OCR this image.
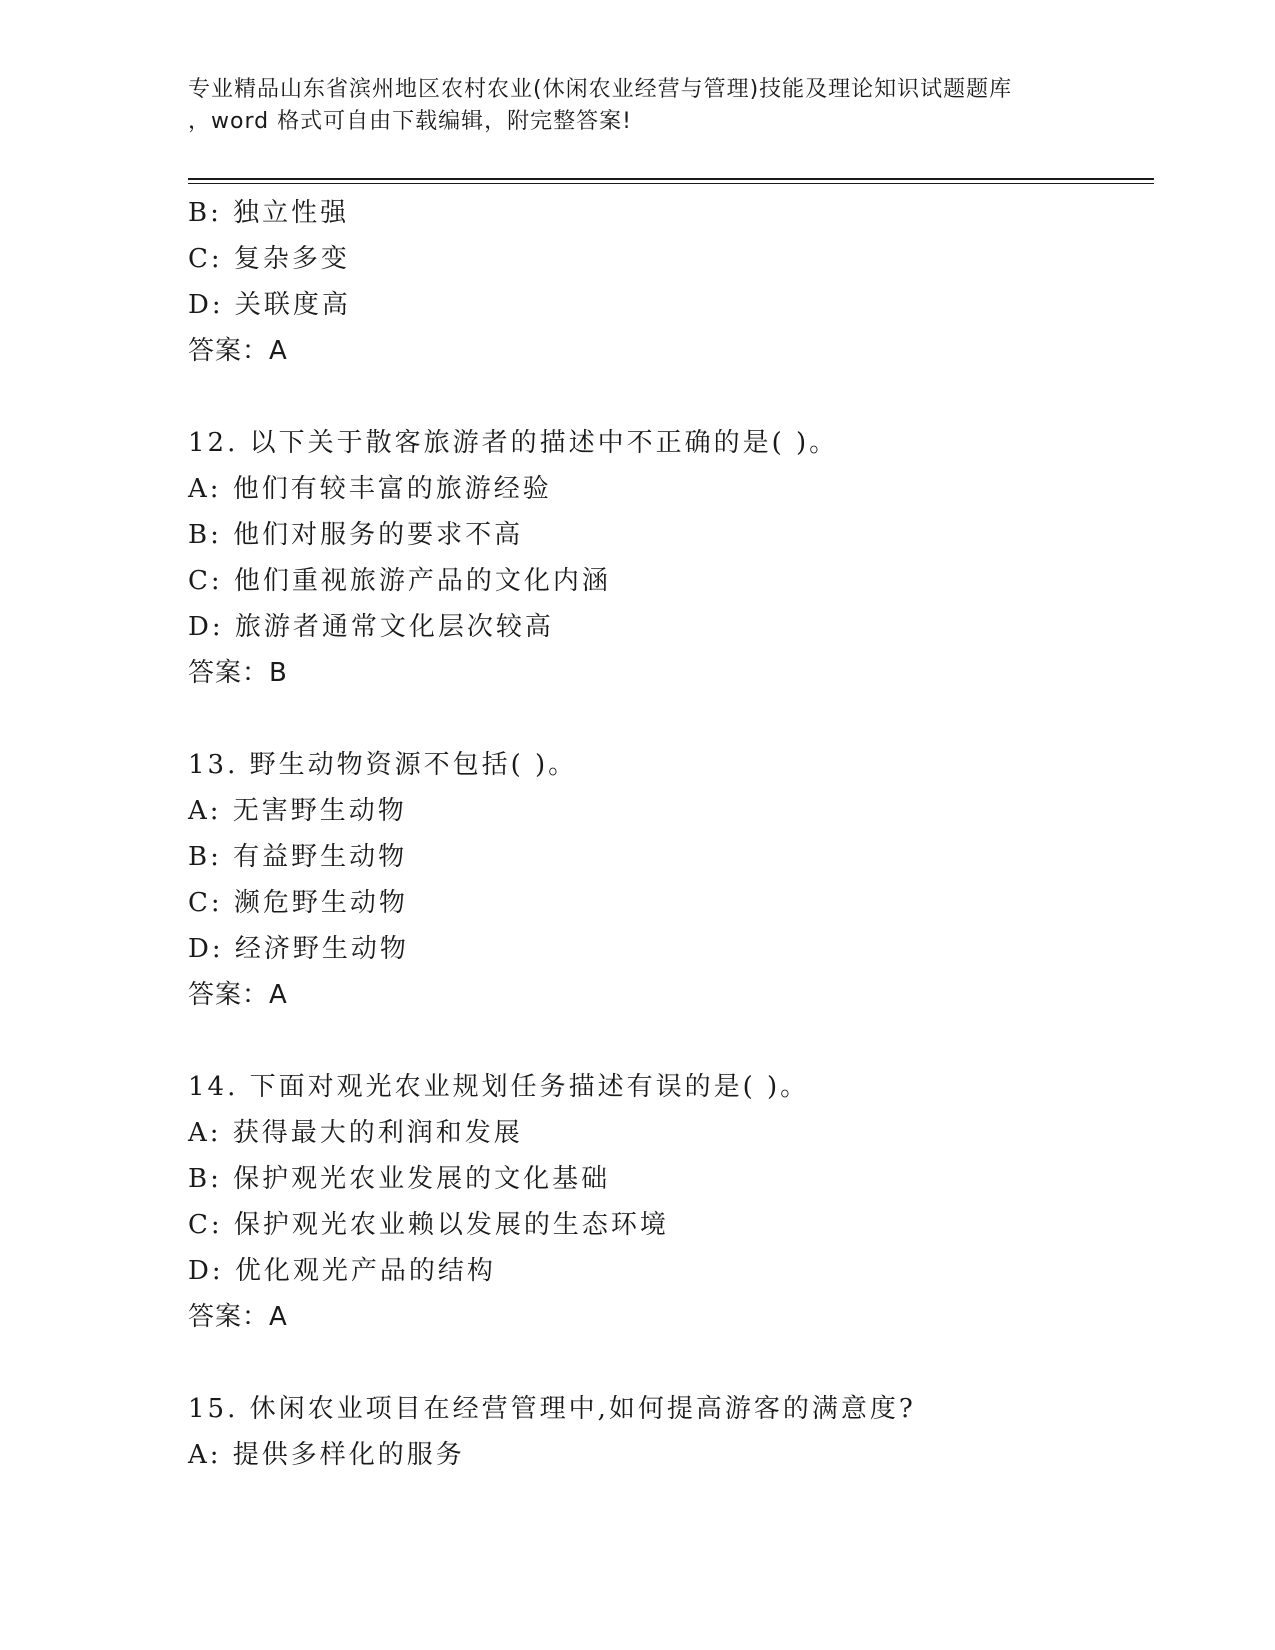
专业精品山东省滨州地区农村农业(休闲农业经营与管理)技能及理论知识试题题库
，word 格式可自由下载编辑，附完整答案!
B: 独立性强
C: 复杂多变
D: 关联度高
答案：A
12. 以下关于散客旅游者的描述中不正确的是( )。
A: 他们有较丰富的旅游经验
B: 他们对服务的要求不高
C: 他们重视旅游产品的文化内涵
D: 旅游者通常文化层次较高
答案：B
13. 野生动物资源不包括( )。
A: 无害野生动物
B: 有益野生动物
C: 濒危野生动物
D: 经济野生动物
答案：A
14. 下面对观光农业规划任务描述有误的是( )。
A: 获得最大的利润和发展
B: 保护观光农业发展的文化基础
C: 保护观光农业赖以发展的生态环境
D: 优化观光产品的结构
答案：A
15. 休闲农业项目在经营管理中,如何提高游客的满意度?
A: 提供多样化的服务
